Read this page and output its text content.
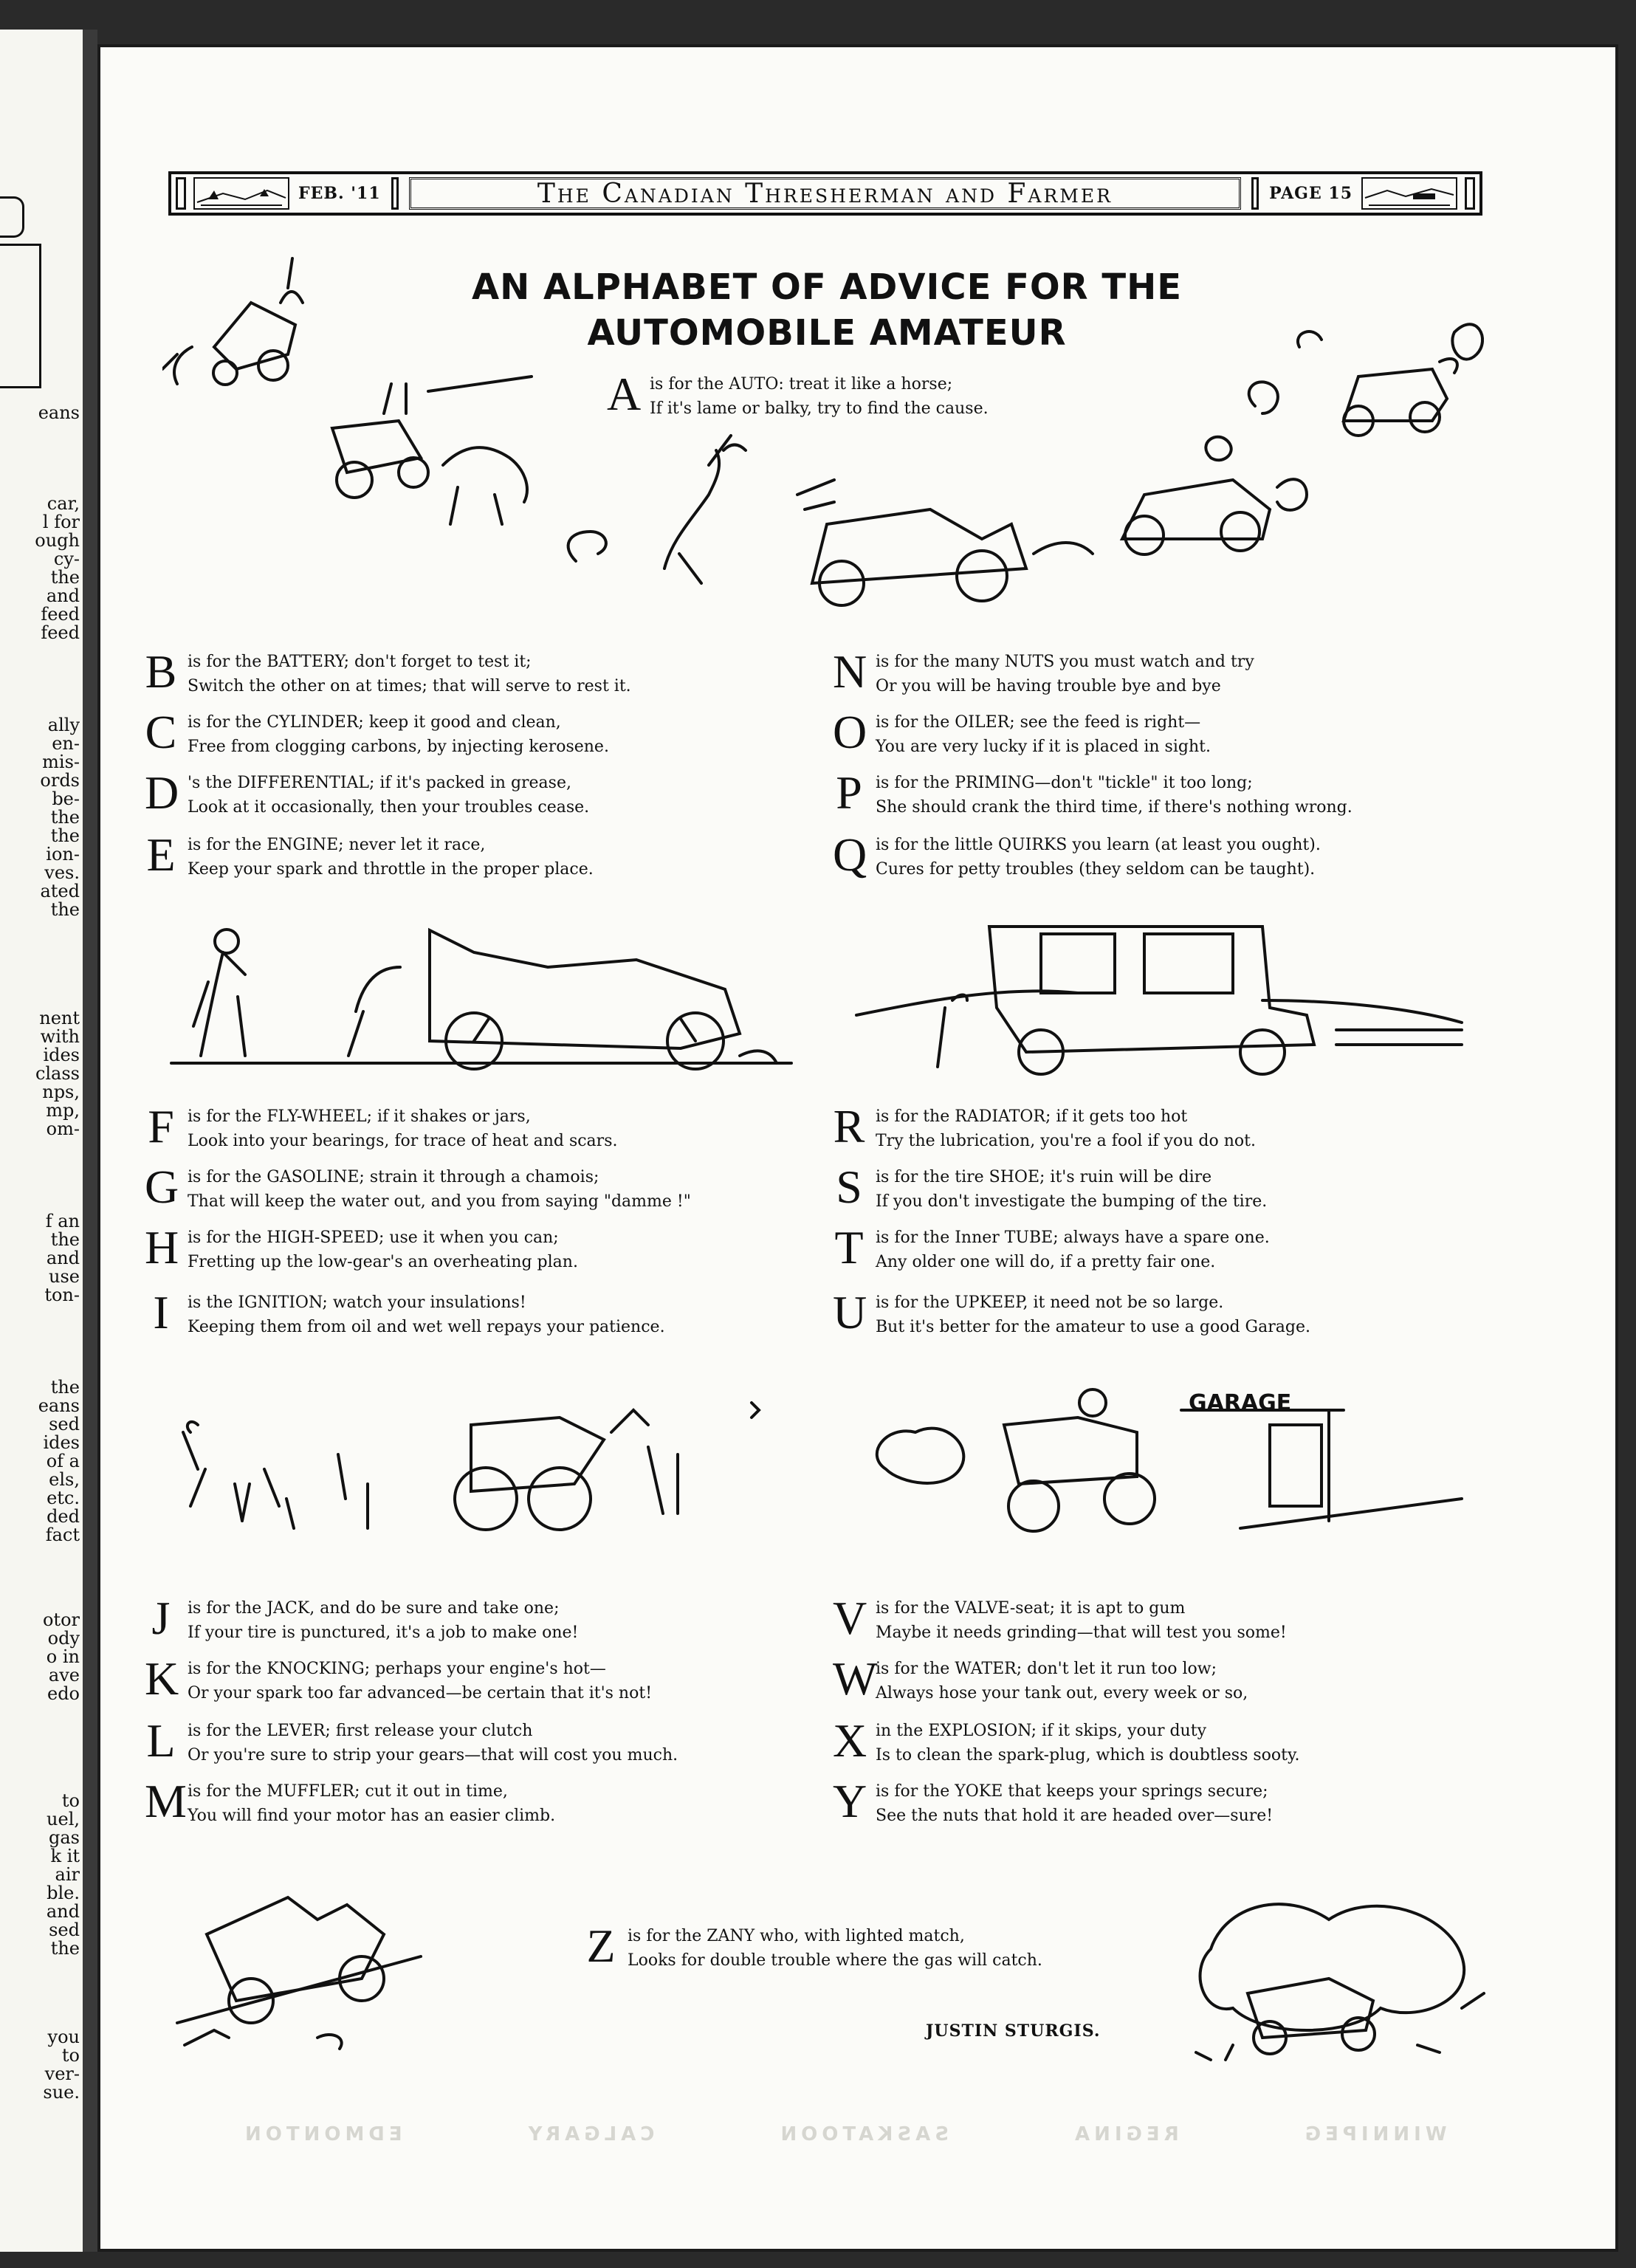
eans
car,
l for
ough
cy-
the
and
feed
feed
ally
en-
mis-
ords
be-
the
the
ion-
ves.
ated
the
nent
with
ides
class
nps,
mp,
om-
f an
the
and
use
ton-
the
eans
sed
ides
of a
els,
etc.
ded
fact
otor
ody
o in
ave
edo
to
uel,
gas
k it
air
ble.
and
sed
the
you
to
ver-
sue.
WINNIPEG REGINA SASKATOON CALGARY EDMONTON
FEB. '11	The Canadian Thresherman and Farmer	PAGE 15
AN ALPHABET OF ADVICE FOR THE
AUTOMOBILE AMATEUR
A is for the AUTO: treat it like a horse;
If it's lame or balky, try to find the cause.
B is for the BATTERY; don't forget to test it;
Switch the other on at times; that will serve to rest it.
C is for the CYLINDER; keep it good and clean,
Free from clogging carbons, by injecting kerosene.
D 's the DIFFERENTIAL; if it's packed in grease,
Look at it occasionally, then your troubles cease.
E is for the ENGINE; never let it race,
Keep your spark and throttle in the proper place.
N is for the many NUTS you must watch and try
Or you will be having trouble bye and bye
O is for the OILER; see the feed is right—
You are very lucky if it is placed in sight.
P is for the PRIMING—don't "tickle" it too long;
She should crank the third time, if there's nothing wrong.
Q is for the little QUIRKS you learn (at least you ought).
Cures for petty troubles (they seldom can be taught).
F is for the FLY-WHEEL; if it shakes or jars,
Look into your bearings, for trace of heat and scars.
G is for the GASOLINE; strain it through a chamois;
That will keep the water out, and you from saying "damme !"
H is for the HIGH-SPEED; use it when you can;
Fretting up the low-gear's an overheating plan.
I	is the IGNITION; watch your insulations!
Keeping them from oil and wet well repays your patience.
R is for the RADIATOR; if it gets too hot
Try the lubrication, you're a fool if you do not.
S is for the tire SHOE; it's ruin will be dire
If you don't investigate the bumping of the tire.
T is for the Inner TUBE; always have a spare one.
Any older one will do, if a pretty fair one.
U is for the UPKEEP, it need not be so large.
But it's better for the amateur to use a good Garage.
J	is for the JACK, and do be sure and take one;
If your tire is punctured, it's a job to make one!
K is for the KNOCKING; perhaps your engine's hot—
Or your spark too far advanced—be certain that it's not!
L is for the LEVER; first release your clutch
Or you're sure to strip your gears—that will cost you much.
M is for the MUFFLER; cut it out in time,
You will find your motor has an easier climb.
V is for the VALVE-seat; it is apt to gum
Maybe it needs grinding—that will test you some!
W
is for the WATER; don't let it run too low;
Always hose your tank out, every week or so,
X in the EXPLOSION; if it skips, your duty
Is to clean the spark-plug, which is doubtless sooty.
Y is for the YOKE that keeps your springs secure;
See the nuts that hold it are headed over—sure!
Z is for the ZANY who, with lighted match,
Looks for double trouble where the gas will catch.
JUSTIN STURGIS.
GARAGE
